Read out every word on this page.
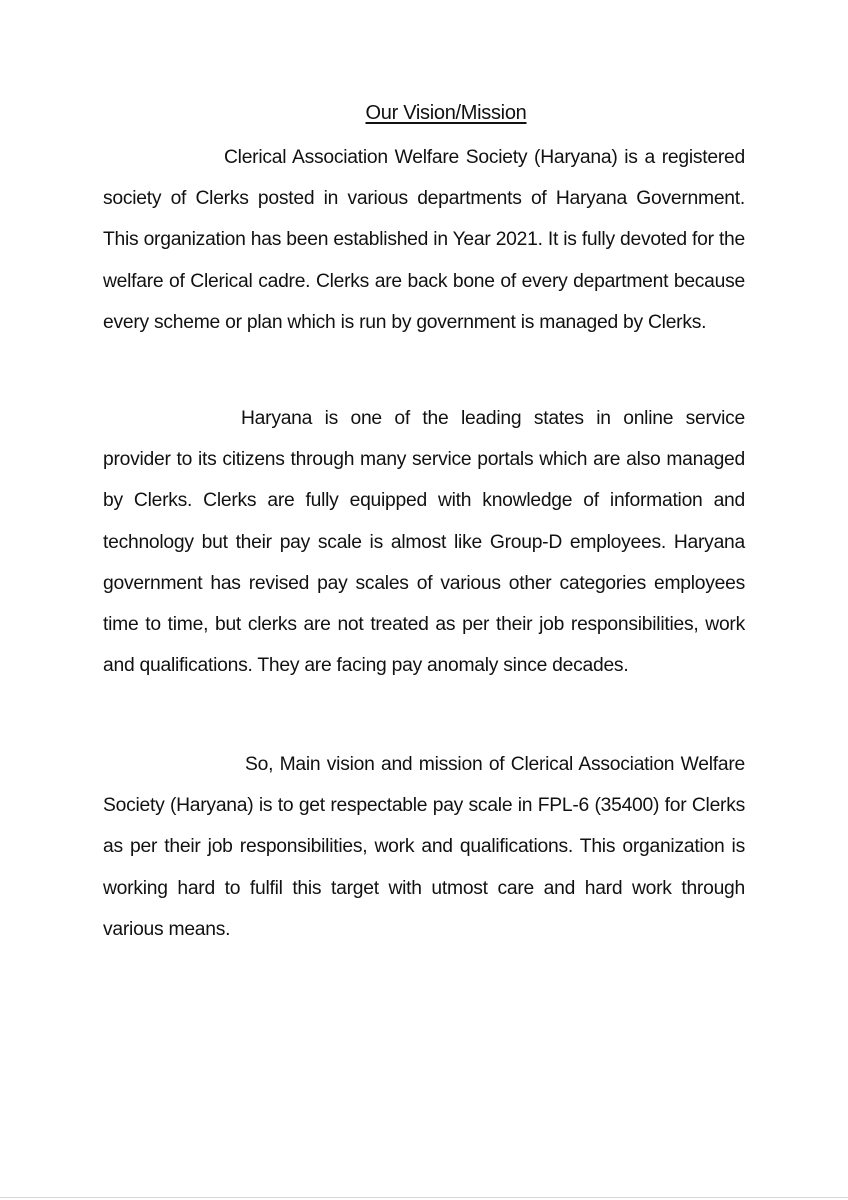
Our Vision/Mission

Clerical Association Welfare Society (Haryana) is a registered society of Clerks posted in various departments of Haryana Government. This organization has been established in Year 2021. It is fully devoted for the welfare of Clerical cadre. Clerks are back bone of every department because every scheme or plan which is run by government is managed by Clerks.

Haryana is one of the leading states in online service provider to its citizens through many service portals which are also managed by Clerks. Clerks are fully equipped with knowledge of information and technology but their pay scale is almost like Group-D employees. Haryana government has revised pay scales of various other categories employees time to time, but clerks are not treated as per their job responsibilities, work and qualifications. They are facing pay anomaly since decades.

So, Main vision and mission of Clerical Association Welfare Society (Haryana) is to get respectable pay scale in FPL-6 (35400) for Clerks as per their job responsibilities, work and qualifications. This organization is working hard to fulfil this target with utmost care and hard work through various means.
